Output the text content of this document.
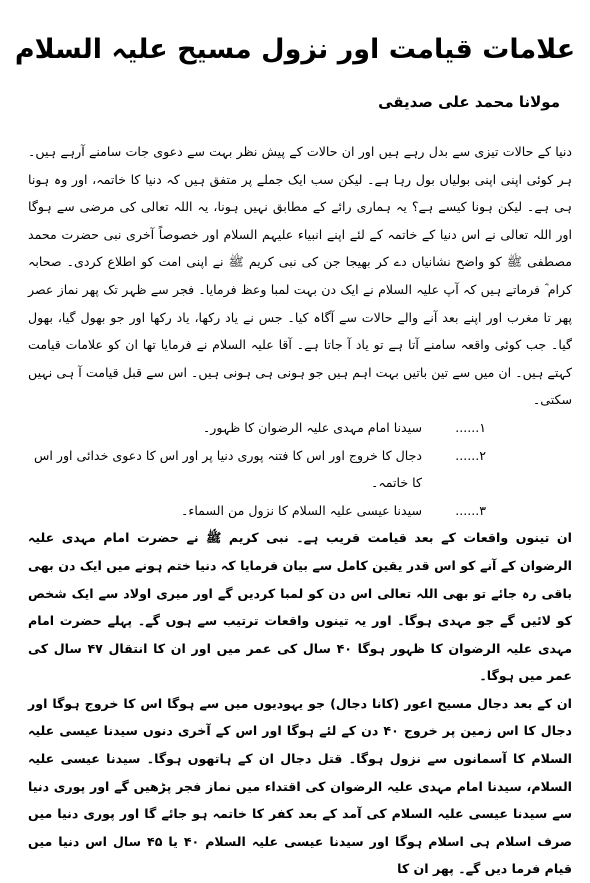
علامات قیامت اور نزول مسیح علیہ السلام
مولانا محمد علی صدیقی

دنیا کے حالات تیزی سے بدل رہے ہیں اور ان حالات کے پیش نظر بہت سے دعوی جات سامنے آرہے ہیں۔ ہر کوئی اپنی اپنی بولیاں بول رہا ہے۔ لیکن سب ایک جملے پر متفق ہیں کہ دنیا کا خاتمہ، اور وہ ہونا ہی ہے۔ لیکن ہونا کیسے ہے؟ یہ ہماری رائے کے مطابق نہیں ہونا، یہ اللہ تعالی کی مرضی سے ہوگا اور اللہ تعالی نے اس دنیا کے خاتمہ کے لئے اپنے انبیاء علیہم السلام اور خصوصاً آخری نبی حضرت محمد مصطفی ﷺ کو واضح نشانیاں دے کر بھیجا جن کی نبی کریم ﷺ نے اپنی امت کو اطلاع کردی۔ صحابہ کرام ؓ فرماتے ہیں کہ آپ علیہ السلام نے ایک دن بہت لمبا وعظ فرمایا۔ فجر سے ظہر تک پھر نماز عصر پھر تا مغرب اور اپنے بعد آنے والے حالات سے آگاہ کیا۔ جس نے یاد رکھا، یاد رکھا اور جو بھول گیا، بھول گیا۔ جب کوئی واقعہ سامنے آتا ہے تو یاد آ جاتا ہے۔ آقا علیہ السلام نے فرمایا تھا ان کو علامات قیامت کہتے ہیں۔ ان میں سے تین باتیں بہت اہم ہیں جو ہونی ہی ہونی ہیں۔ اس سے قبل قیامت آ ہی نہیں سکتی۔

......۱
سیدنا امام مہدی علیہ الرضوان کا ظہور۔
......۲
دجال کا خروج اور اس کا فتنہ پوری دنیا پر اور اس کا دعوی خدائی اور اس کا خاتمہ۔
......۳
سیدنا عیسی علیہ السلام کا نزول من السماء۔

ان تینوں واقعات کے بعد قیامت قریب ہے۔ نبی کریم ﷺ نے حضرت امام مہدی علیہ الرضوان کے آنے کو اس قدر یقین کامل سے بیان فرمایا کہ دنیا ختم ہونے میں ایک دن بھی باقی رہ جائے تو بھی اللہ تعالی اس دن کو لمبا کردیں گے اور میری اولاد سے ایک شخص کو لائیں گے جو مہدی ہوگا۔ اور یہ تینوں واقعات ترتیب سے ہوں گے۔ پہلے حضرت امام مہدی علیہ الرضوان کا ظہور ہوگا ۴۰ سال کی عمر میں اور ان کا انتقال ۴۷ سال کی عمر میں ہوگا۔

ان کے بعد دجال مسیح اعور (کانا دجال) جو یہودیوں میں سے ہوگا اس کا خروج ہوگا اور دجال کا اس زمین پر خروج ۴۰ دن کے لئے ہوگا اور اس کے آخری دنوں سیدنا عیسی علیہ السلام کا آسمانوں سے نزول ہوگا۔ قتل دجال ان کے ہاتھوں ہوگا۔ سیدنا عیسی علیہ السلام، سیدنا امام مہدی علیہ الرضوان کی اقتداء میں نماز فجر پڑھیں گے اور پوری دنیا سے سیدنا عیسی علیہ السلام کی آمد کے بعد کفر کا خاتمہ ہو جائے گا اور پوری دنیا میں صرف اسلام ہی اسلام ہوگا اور سیدنا عیسی علیہ السلام ۴۰ یا ۴۵ سال اس دنیا میں قیام فرما دیں گے۔ پھر ان کا
